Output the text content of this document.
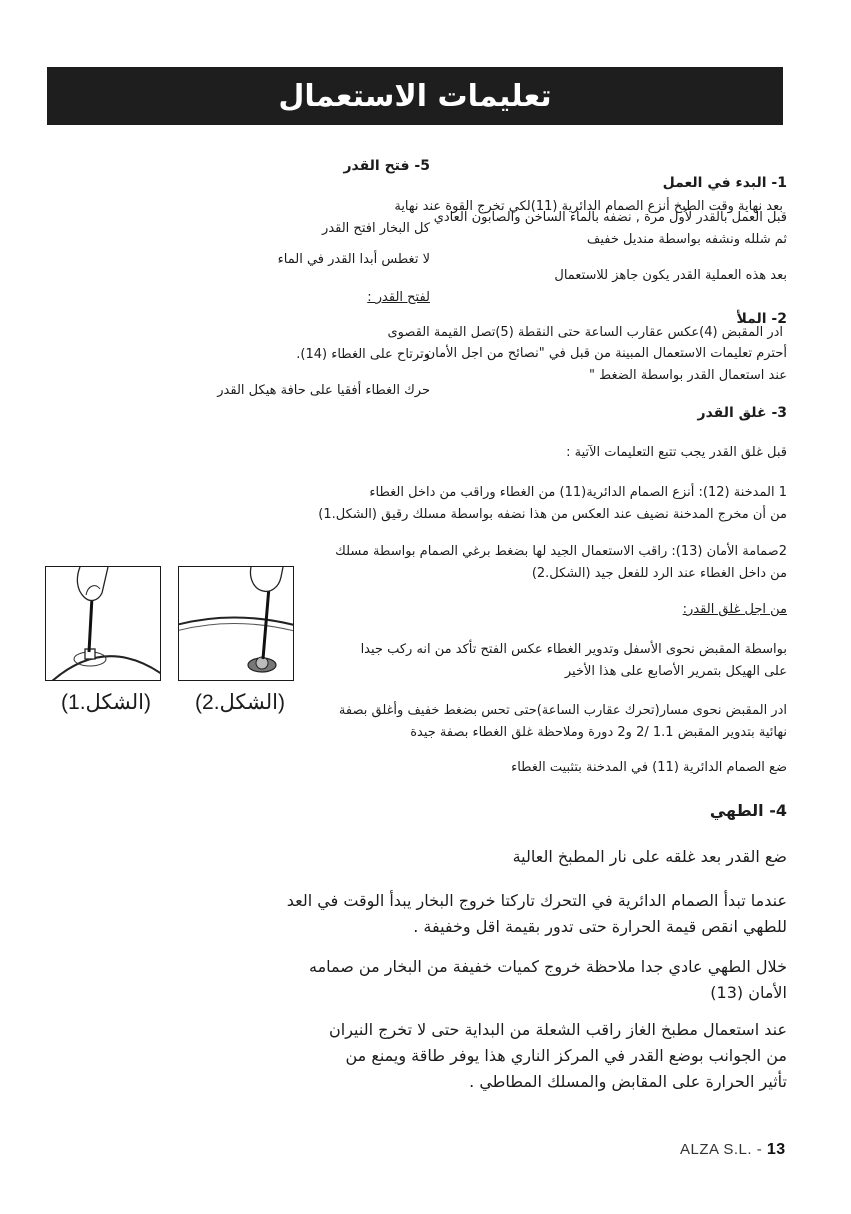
تعليمات الاستعمال

5- فتح القدر

بعد نهاية وقت الطبخ أنزع الصمام الدائرية (11)لكي تخرج القوة عند نهاية

كل البخار افتح القدر

لا تغطس أبدا القدر في الماء

لفتح القدر :

ادر المقبض (4)عكس عقارب الساعة حتى النقطة (5)تصل القيمة القصوى

وترتاح على الغطاء (14).

حرك الغطاء أفقيا على حافة هيكل القدر

1- البدء في العمل

قبل العمل بالقدر لأول مرة , نضفه بالماء الساخن والصابون العادي

ثم شلله ونشفه بواسطة منديل خفيف

بعد هذه العملية القدر يكون جاهز للاستعمال

2- الملأ

أحترم تعليمات الاستعمال المبينة من قبل في "نصائح من اجل الأمان

عند استعمال القدر بواسطة الضغط "

3- غلق القدر

قبل غلق القدر يجب تتبع التعليمات الآتية :

1 المدخنة (12): أنزع الصمام الدائرية(11) من الغطاء وراقب من داخل الغطاء

من أن مخرج المدخنة نضيف عند العكس من هذا نضفه بواسطة مسلك رقيق (الشكل.1)

2صمامة الأمان (13): راقب الاستعمال الجيد لها بضغط برغي الصمام بواسطة مسلك

من داخل الغطاء عند الرد للفعل جيد (الشكل.2)

من اجل غلق القدر:

بواسطة المقبض نحوى الأسفل وتدوير الغطاء عكس الفتح تأكد من انه ركب جيدا

على الهيكل بتمرير الأصابع على هذا الأخير

ادر المقبض نحوى مسار(تحرك عقارب الساعة)حتى تحس بضغط خفيف وأغلق بصفة

نهائية بتدوير المقبض 1.1 /2 و2 دورة وملاحظة غلق الغطاء بصفة جيدة

ضع الصمام الدائرية (11) في المدخنة بتثبيت الغطاء

4- الطهي

ضع القدر بعد غلقه على نار المطبخ العالية

عندما تبدأ الصمام الدائرية في التحرك تاركتا خروج البخار يبدأ الوقت في العد

للطهي انقص قيمة الحرارة حتى تدور بقيمة اقل وخفيفة .

خلال الطهي عادي جدا ملاحظة خروج كميات خفيفة من البخار من صمامه

الأمان (13)

عند استعمال مطبخ الغاز راقب الشعلة من البداية حتى لا تخرج النيران

من الجوانب بوضع القدر في المركز الناري هذا يوفر طاقة ويمنع من

تأثير الحرارة على المقابض والمسلك المطاطي .

(الشكل.1) (الشكل.2)
ALZA S.L. - 13
